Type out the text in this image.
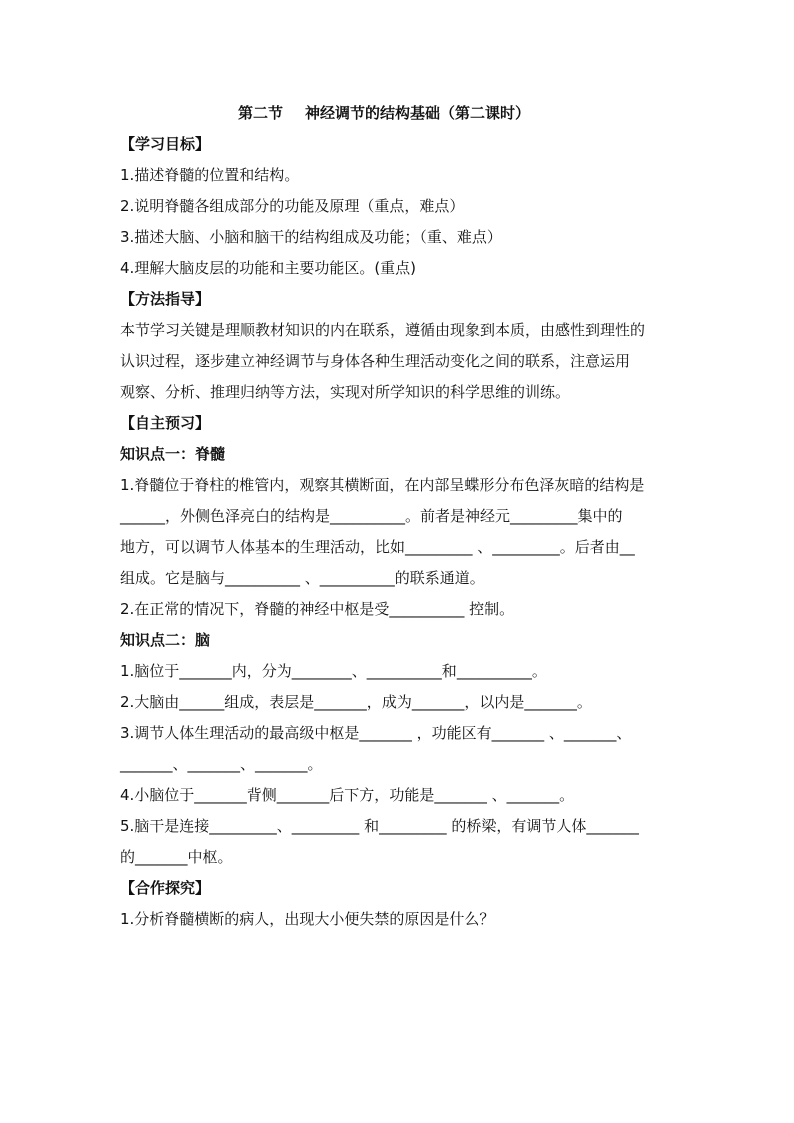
第二节 神经调节的结构基础（第二课时）

【学习目标】

1.描述脊髓的位置和结构。

2.说明脊髓各组成部分的功能及原理（重点，难点）

3.描述大脑、小脑和脑干的结构组成及功能；（重、难点）

4.理解大脑皮层的功能和主要功能区。(重点)

【方法指导】

本节学习关键是理顺教材知识的内在联系，遵循由现象到本质，由感性到理性的

认识过程，逐步建立神经调节与身体各种生理活动变化之间的联系，注意运用

观察、分析、推理归纳等方法，实现对所学知识的科学思维的训练。

【自主预习】

知识点一：脊髓

1.脊髓位于脊柱的椎管内，观察其横断面，在内部呈蝶形分布色泽灰暗的结构是

______，外侧色泽亮白的结构是__________。前者是神经元_________集中的

地方，可以调节人体基本的生理活动，比如_________ 、_________。后者由__

组成。它是脑与__________ 、__________的联系通道。

2.在正常的情况下，脊髓的神经中枢是受__________ 控制。

知识点二：脑

1.脑位于_______内，分为________、__________和__________。

2.大脑由______组成，表层是_______，成为_______，以内是_______。

3.调节人体生理活动的最高级中枢是_______ ，功能区有_______ 、_______、

_______、_______、_______。

4.小脑位于_______背侧_______后下方，功能是_______ 、_______。

5.脑干是连接_________、_________ 和_________ 的桥梁，有调节人体_______

的_______中枢。

【合作探究】

1.分析脊髓横断的病人，出现大小便失禁的原因是什么？
